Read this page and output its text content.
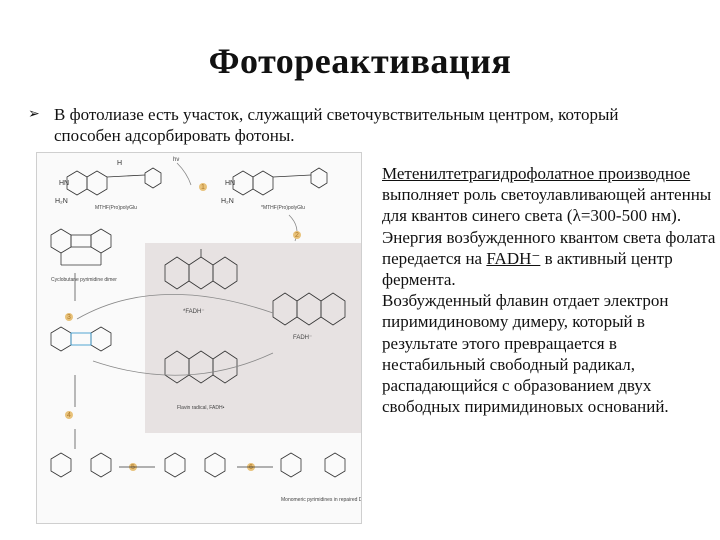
Фотореактивация
➢ В фотолиазе есть участок, служащий светочувствительным центром, который способен адсорбировать фотоны.
HN
H₂N
H
MTHF(Pro)polyGlu
hν
HN
H₂N
*MTHF(Pro)polyGlu
1
2
3
4
5	6
Cyclobutane pyrimidine dimer
*FADH⁻
FADH⁻
Flavin radical, FADH•
Monomeric pyrimidines in repaired DNA

Метенилтетрагидрофолатное производное выполняет роль светоулавливающей антенны для квантов синего света (λ=300-500 нм).

Энергия возбужденного квантом света фолата передается на FADH⁻ в активный центр фермента.

Возбужденный флавин отдает электрон пиримидиновому димеру, который в результате этого превращается в нестабильный свободный радикал, распадающийся с образованием двух свободных пиримидиновых оснований.
